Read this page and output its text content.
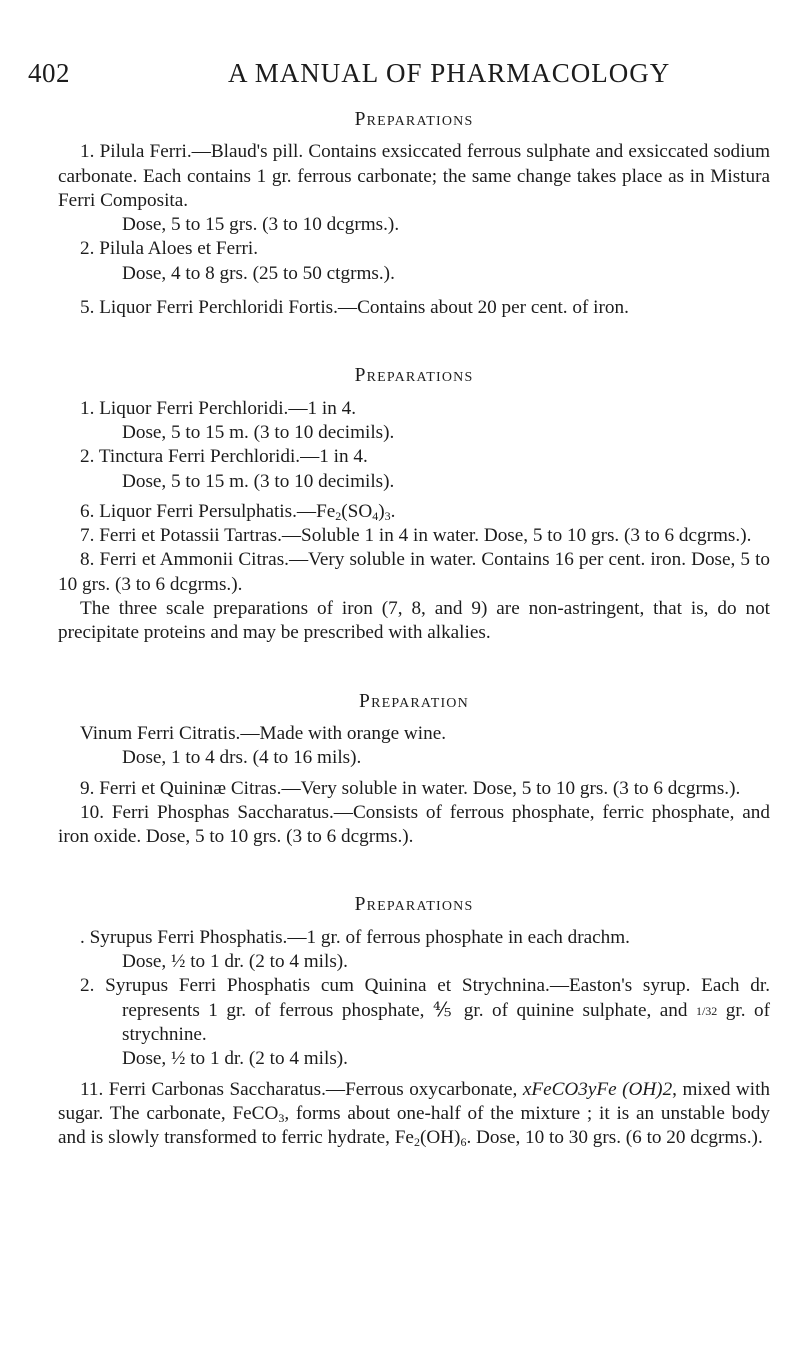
402	A MANUAL OF PHARMACOLOGY

Preparations

1. Pilula Ferri.—Blaud's pill. Contains exsiccated ferrous sulphate and exsiccated sodium carbonate. Each contains 1 gr. ferrous carbonate; the same change takes place as in Mistura Ferri Composita.

Dose, 5 to 15 grs. (3 to 10 dcgrms.).

2. Pilula Aloes et Ferri.

Dose, 4 to 8 grs. (25 to 50 ctgrms.).

5. Liquor Ferri Perchloridi Fortis.—Contains about 20 per cent. of iron.

Preparations

1. Liquor Ferri Perchloridi.—1 in 4.

Dose, 5 to 15 m. (3 to 10 decimils).

2. Tinctura Ferri Perchloridi.—1 in 4.

Dose, 5 to 15 m. (3 to 10 decimils).

6. Liquor Ferri $Persulphatis.—Fe_2(SO_4)_3$.

7. Ferri et Potassii Tartras.—Soluble 1 in 4 in water. Dose, 5 to 10 grs. (3 to 6 dcgrms.).

8. Ferri et Ammonii Citras.—Very soluble in water. Contains 16 per cent. iron. Dose, 5 to 10 grs. (3 to 6 dcgrms.).

The three scale preparations of iron (7, 8, and 9) are non-astringent, that is, do not precipitate proteins and may be prescribed with alkalies.

Preparation

Vinum Ferri Citratis.—Made with orange wine.

Dose, 1 to 4 drs. (4 to 16 mils).

9. Ferri et Quininæ Citras.—Very soluble in water. Dose, 5 to 10 grs. (3 to 6 dcgrms.).

10. Ferri Phosphas Saccharatus.—Consists of ferrous phosphate, ferric phosphate, and iron oxide. Dose, 5 to 10 grs. (3 to 6 dcgrms.).

Preparations

. Syrupus Ferri Phosphatis.—1 gr. of ferrous phosphate in each drachm.

Dose, ½ to 1 dr. (2 to 4 mils).

2. Syrupus Ferri Phosphatis cum Quinina et Strychnina.—Easton's syrup. Each dr. represents 1 gr. of ferrous phosphate, ⅘ gr. of quinine sulphate, and 1/32 gr. of strychnine.

Dose, ½ to 1 dr. (2 to 4 mils).

11. Ferri Carbonas Saccharatus.—Ferrous oxycarbonate, xFeCO3yFe (OH)2, mixed with sugar. The carbonate, FeCO$_3$, forms about one-half of the mixture ; it is an unstable body and is slowly transformed to ferric hydrate, $Fe_2(OH)_6$. Dose, 10 to 30 grs. (6 to 20 dcgrms.).
